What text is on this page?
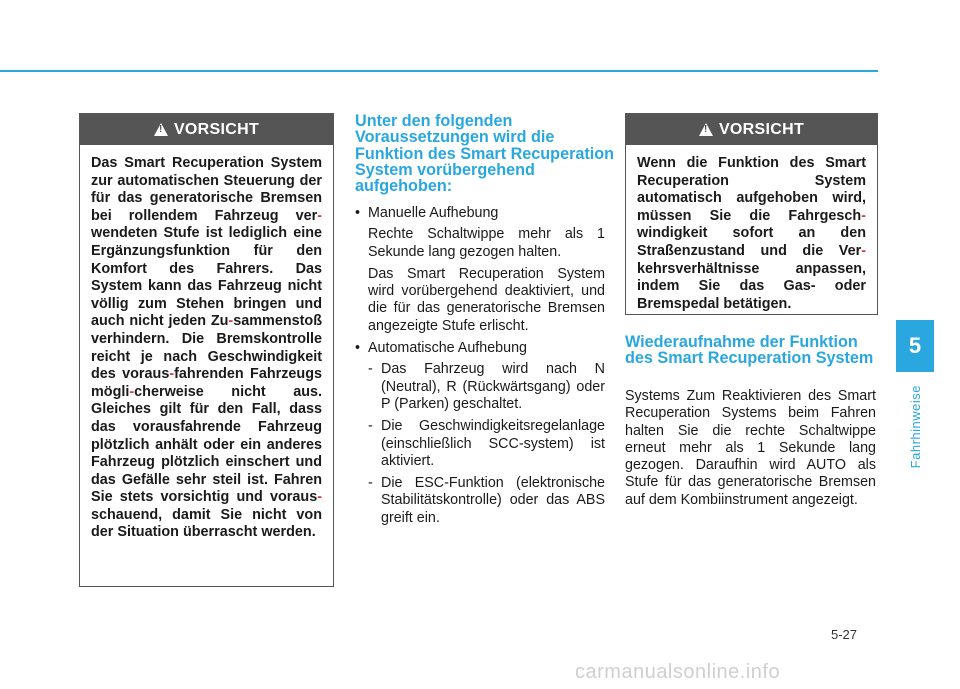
!
VORSICHT
Das Smart Recuperation System zur automatischen Steuerung der für das generatorische Bremsen bei rollendem Fahrzeug ver-wendeten Stufe ist lediglich eine Ergänzungsfunktion für den Komfort des Fahrers. Das System kann das Fahrzeug nicht völlig zum Stehen bringen und auch nicht jeden Zu-sammenstoß verhindern. Die Bremskontrolle reicht je nach Geschwindigkeit des voraus-fahrenden Fahrzeugs mögli-cherweise nicht aus. Gleiches gilt für den Fall, dass das vorausfahrende Fahrzeug plötzlich anhält oder ein anderes Fahrzeug plötzlich einschert und das Gefälle sehr steil ist. Fahren Sie stets vorsichtig und voraus-schauend, damit Sie nicht von der Situation überrascht werden.
Unter den folgenden Voraussetzungen wird die Funktion des Smart Recuperation System vorübergehend aufgehoben:
• Manuelle Aufhebung
Rechte Schaltwippe mehr als 1 Sekunde lang gezogen halten.
Das Smart Recuperation System wird vorübergehend deaktiviert, und die für das generatorische Bremsen angezeigte Stufe erlischt.
• Automatische Aufhebung
- Das Fahrzeug wird nach N (Neutral), R (Rückwärtsgang) oder P (Parken) geschaltet.
- Die Geschwindigkeitsregelanlage (einschließlich SCC-system) ist aktiviert.
- Die ESC-Funktion (elektronische Stabilitätskontrolle) oder das ABS greift ein.
!
VORSICHT
Wenn die Funktion des Smart Recuperation System automatisch aufgehoben wird, müssen Sie die Fahrgesch-windigkeit sofort an den Straßenzustand und die Ver-kehrsverhältnisse anpassen, indem Sie das Gas- oder Bremspedal betätigen.
Wiederaufnahme der Funktion des Smart Recuperation System
Systems Zum Reaktivieren des Smart Recuperation Systems beim Fahren halten Sie die rechte Schaltwippe erneut mehr als 1 Sekunde lang gezogen. Daraufhin wird AUTO als Stufe für das generatorische Bremsen auf dem Kombiinstrument angezeigt.
5
Fahrhinweise
5-27
carmanualsonline.info
